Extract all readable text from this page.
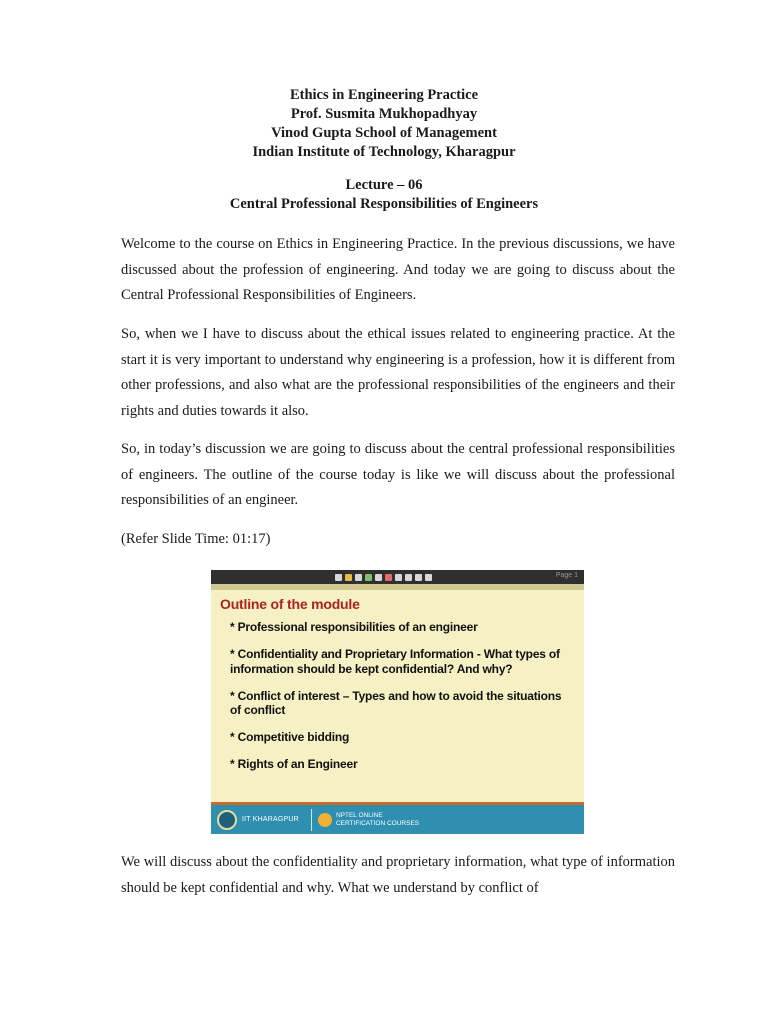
Ethics in Engineering Practice
Prof. Susmita Mukhopadhyay
Vinod Gupta School of Management
Indian Institute of Technology, Kharagpur
Lecture – 06
Central Professional Responsibilities of Engineers

Welcome to the course on Ethics in Engineering Practice. In the previous discussions, we have discussed about the profession of engineering. And today we are going to discuss about the Central Professional Responsibilities of Engineers.

So, when we I have to discuss about the ethical issues related to engineering practice. At the start it is very important to understand why engineering is a profession, how it is different from other professions, and also what are the professional responsibilities of the engineers and their rights and duties towards it also.

So, in today’s discussion we are going to discuss about the central professional responsibilities of engineers. The outline of the course today is like we will discuss about the professional responsibilities of an engineer.

(Refer Slide Time: 01:17)
Page 1
Outline of the module
* Professional responsibilities of an engineer
* Confidentiality and Proprietary Information - What types of information should be kept confidential? And why?
* Conflict of interest – Types and how to avoid the situations of conflict
* Competitive bidding
* Rights of an Engineer
IIT KHARAGPUR
NPTEL ONLINE
CERTIFICATION COURSES

We will discuss about the confidentiality and proprietary information, what type of information should be kept confidential and why. What we understand by conflict of
